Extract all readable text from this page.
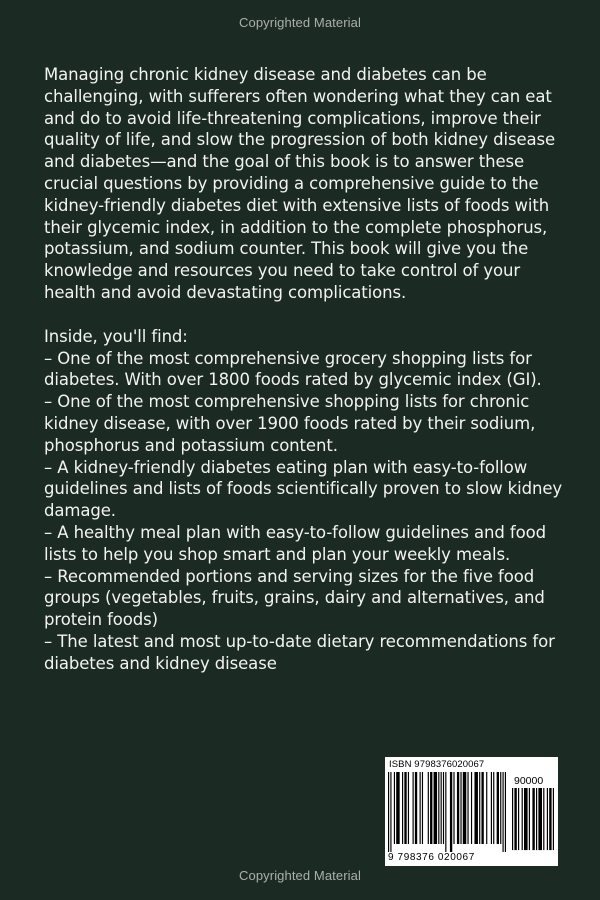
Copyrighted Material

Managing chronic kidney disease and diabetes can be challenging, with sufferers often wondering what they can eat and do to avoid life-threatening complications, improve their quality of life, and slow the progression of both kidney disease and diabetes—and the goal of this book is to answer these crucial questions by providing a comprehensive guide to the kidney-friendly diabetes diet with extensive lists of foods with their glycemic index, in addition to the complete phosphorus, potassium, and sodium counter. This book will give you the knowledge and resources you need to take control of your health and avoid devastating complications.

Inside, you'll find:

– One of the most comprehensive grocery shopping lists for diabetes. With over 1800 foods rated by glycemic index (GI).
– One of the most comprehensive shopping lists for chronic kidney disease, with over 1900 foods rated by their sodium, phosphorus and potassium content.
– A kidney-friendly diabetes eating plan with easy-to-follow guidelines and lists of foods scientifically proven to slow kidney damage.
– A healthy meal plan with easy-to-follow guidelines and food lists to help you shop smart and plan your weekly meals.
– Recommended portions and serving sizes for the five food groups (vegetables, fruits, grains, dairy and alternatives, and protein foods)
– The latest and most up-to-date dietary recommendations for diabetes and kidney disease
ISBN 9798376020067
90000
9 798376 020067
Copyrighted Material
